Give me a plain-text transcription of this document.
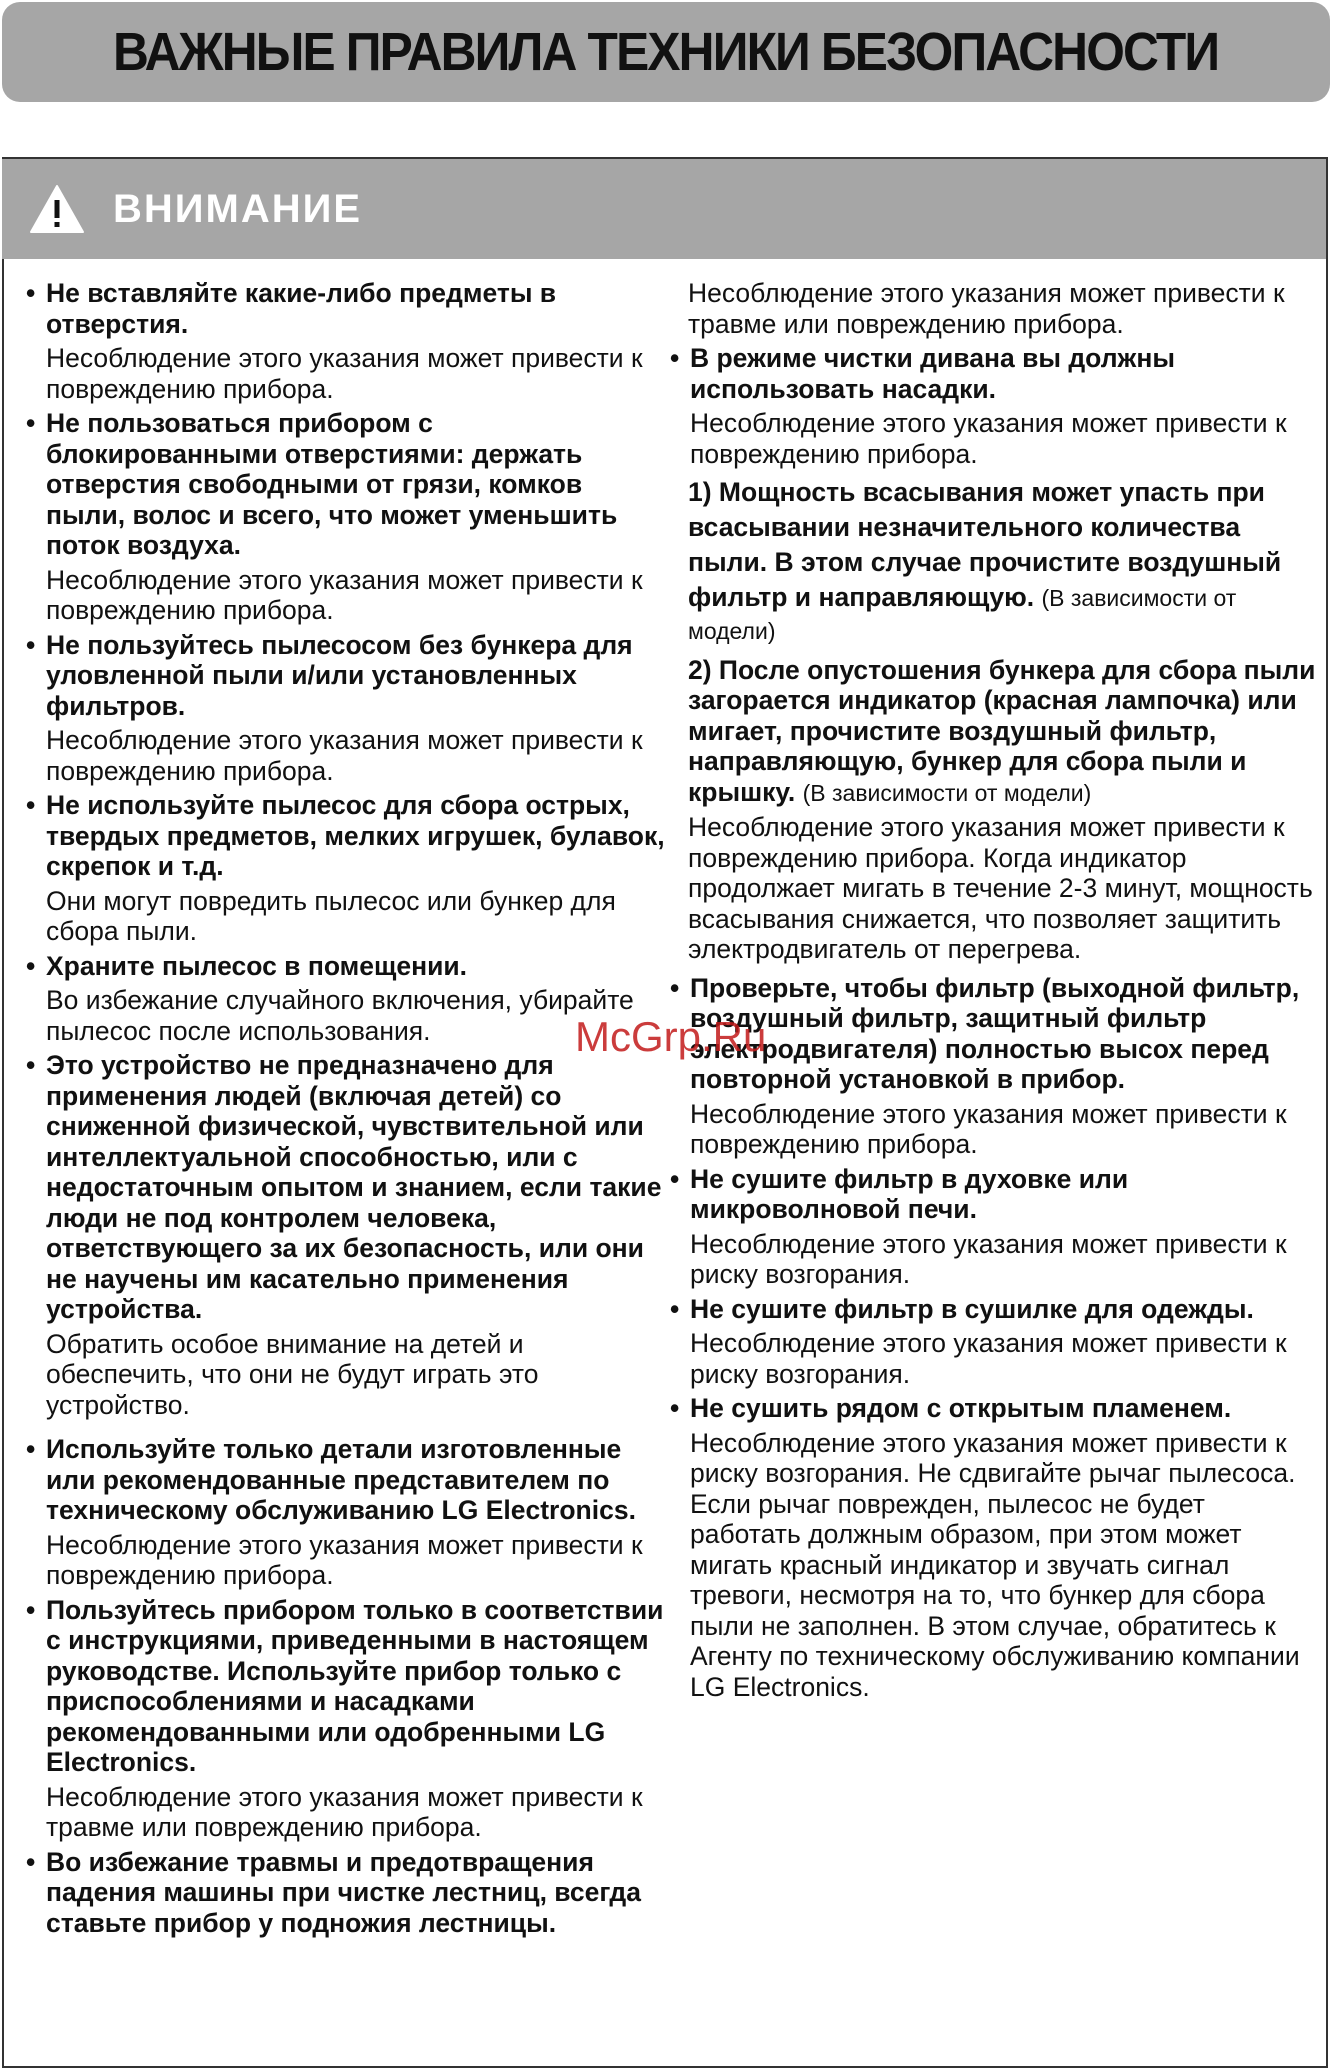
ВАЖНЫЕ ПРАВИЛА ТЕХНИКИ БЕЗОПАСНОСТИ
ВНИМАНИЕ
• Не вставляйте какие-либо предметы в отверстия.
Несоблюдение этого указания может привести к повреждению прибора.
• Не пользоваться прибором с блокированными отверстиями: держать отверстия свободными от грязи, комков пыли, волос и всего, что может уменьшить поток воздуха.
Несоблюдение этого указания может привести к повреждению прибора.
• Не пользуйтесь пылесосом без бункера для уловленной пыли и/или установленных фильтров.
Несоблюдение этого указания может привести к повреждению прибора.
• Не используйте пылесос для сбора острых, твердых предметов, мелких игрушек, булавок, скрепок и т.д.
Они могут повредить пылесос или бункер для сбора пыли.
• Храните пылесос в помещении.
Во избежание случайного включения, убирайте пылесос после использования.
• Это устройство не предназначено для применения людей (включая детей) со сниженной физической, чувствительной или интеллектуальной способностью, или с недостаточным опытом и знанием, если такие люди не под контролем человека, ответствующего за их безопасность, или они не научены им касательно применения устройства.
Обратить особое внимание на детей и обеспечить, что они не будут играть это устройство.
• Используйте только детали изготовленные или рекомендованные представителем по техническому обслуживанию LG Electronics.
Несоблюдение этого указания может привести к повреждению прибора.
• Пользуйтесь прибором только в соответствии с инструкциями, приведенными в настоящем руководстве. Используйте прибор только с приспособлениями и насадками рекомендованными или одобренными LG Electronics.
Несоблюдение этого указания может привести к травме или повреждению прибора.
• Во избежание травмы и предотвращения падения машины при чистке лестниц, всегда ставьте прибор у подножия лестницы.
Несоблюдение этого указания может привести к травме или повреждению прибора.
• В режиме чистки дивана вы должны использовать насадки.
Несоблюдение этого указания может привести к повреждению прибора.
1) Мощность всасывания может упасть при всасывании незначительного количества пыли. В этом случае прочистите воздушный фильтр и направляющую. (В зависимости от модели)
2) После опустошения бункера для сбора пыли загорается индикатор (красная лампочка) или мигает, прочистите воздушный фильтр, направляющую, бункер для сбора пыли и крышку. (В зависимости от модели)
Несоблюдение этого указания может привести к повреждению прибора. Когда индикатор продолжает мигать в течение 2-3 минут, мощность всасывания снижается, что позволяет защитить электродвигатель от перегрева.
• Проверьте, чтобы фильтр (выходной фильтр, воздушный фильтр, защитный фильтр электродвигателя) полностью высох перед повторной установкой в прибор.
Несоблюдение этого указания может привести к повреждению прибора.
• Не сушите фильтр в духовке или микроволновой печи.
Несоблюдение этого указания может привести к риску возгорания.
• Не сушите фильтр в сушилке для одежды.
Несоблюдение этого указания может привести к риску возгорания.
• Не сушить рядом с открытым пламенем.
Несоблюдение этого указания может привести к риску возгорания. Не сдвигайте рычаг пылесоса. Если рычаг поврежден, пылесос не будет работать должным образом, при этом может мигать красный индикатор и звучать сигнал тревоги, несмотря на то, что бункер для сбора пыли не заполнен. В этом случае, обратитесь к Агенту по техническому обслуживанию компании LG Electronics.
McGrp.Ru
